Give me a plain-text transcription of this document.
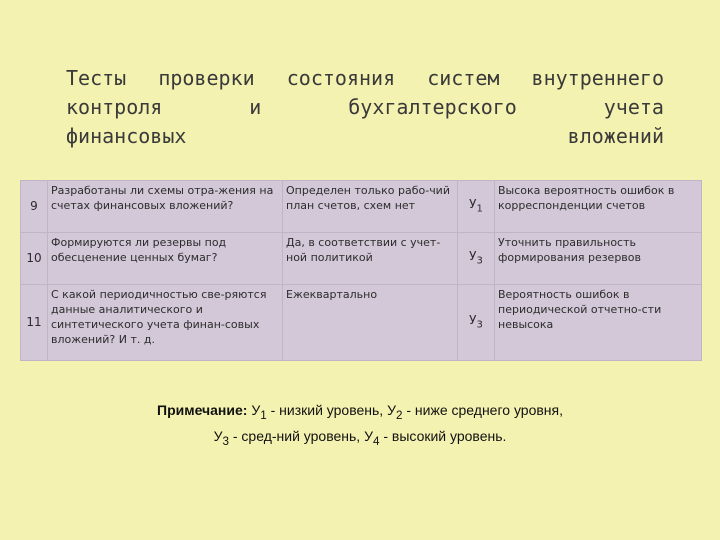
Тесты проверки состояния систем внутреннего
контроля	и	бухгалтерского	учета
финансовых	вложений
9	Разработаны ли схемы отра-жения на счетах финансовых вложений?	Определен только рабо-чий план счетов, схем нет	$У_1$	Высока вероятность ошибок в корреспонденции счетов
10	Формируются ли резервы под обесценение ценных бумаг?	Да, в соответствии с учет-ной политикой	$У_3$	Уточнить правильность формирования резервов
11	С какой периодичностью све-ряются данные аналитического и синтетического учета финан-совых вложений? И т. д.	Ежеквартально	$У_3$	Вероятность ошибок в периодической отчетно-сти невысока
Примечание: $У_1$ - низкий уровень, $У_2$ - ниже среднего уровня,
$У_3$ - сред-ний уровень, $У_4$ - высокий уровень.
